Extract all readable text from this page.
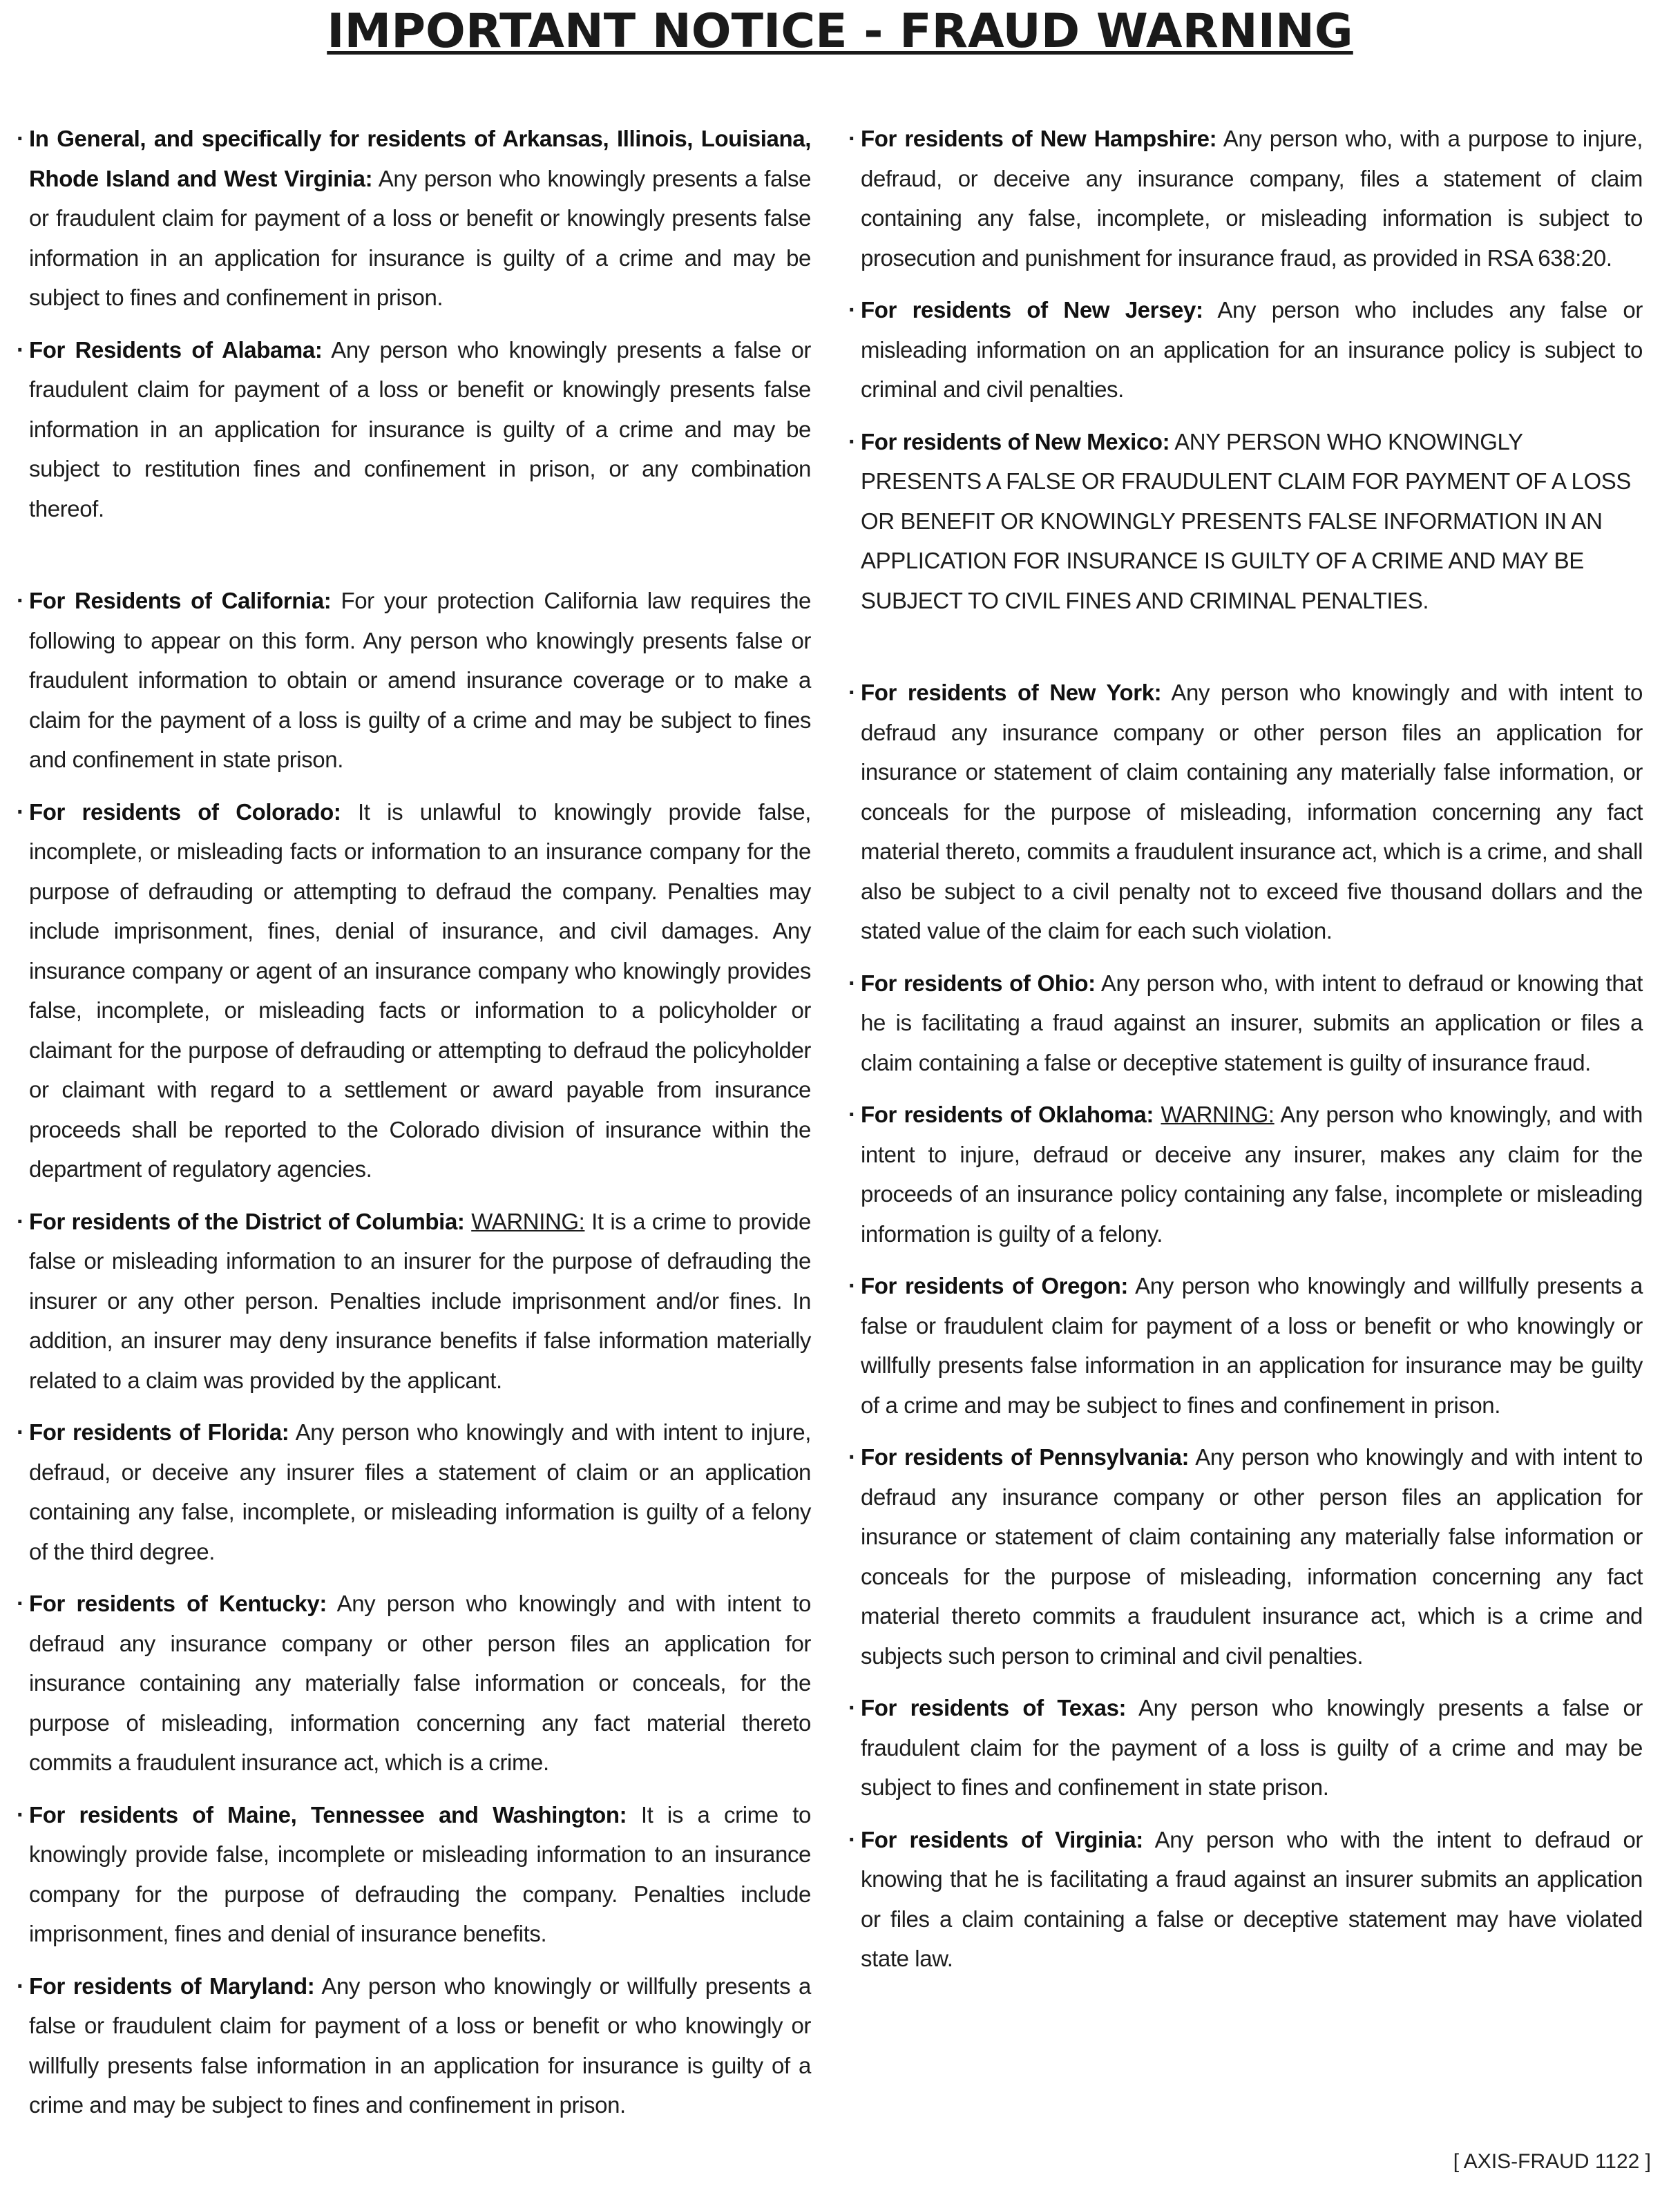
IMPORTANT NOTICE - FRAUD WARNING
· In General, and specifically for residents of Arkansas, Illinois, Louisiana, Rhode Island and West Virginia: Any person who knowingly presents a false or fraudulent claim for payment of a loss or benefit or knowingly presents false information in an application for insurance is guilty of a crime and may be subject to fines and confinement in prison.

· For Residents of Alabama: Any person who knowingly presents a false or fraudulent claim for payment of a loss or benefit or knowingly presents false information in an application for insurance is guilty of a crime and may be subject to restitution fines and confinement in prison, or any combination thereof.

· For Residents of California: For your protection California law requires the following to appear on this form. Any person who knowingly presents false or fraudulent information to obtain or amend insurance coverage or to make a claim for the payment of a loss is guilty of a crime and may be subject to fines and confinement in state prison.

· For residents of Colorado: It is unlawful to knowingly provide false, incomplete, or misleading facts or information to an insurance company for the purpose of defrauding or attempting to defraud the company. Penalties may include imprisonment, fines, denial of insurance, and civil damages. Any insurance company or agent of an insurance company who knowingly provides false, incomplete, or misleading facts or information to a policyholder or claimant for the purpose of defrauding or attempting to defraud the policyholder or claimant with regard to a settlement or award payable from insurance proceeds shall be reported to the Colorado division of insurance within the department of regulatory agencies.

· For residents of the District of Columbia: WARNING: It is a crime to provide false or misleading information to an insurer for the purpose of defrauding the insurer or any other person. Penalties include imprisonment and/or fines. In addition, an insurer may deny insurance benefits if false information materially related to a claim was provided by the applicant.

· For residents of Florida: Any person who knowingly and with intent to injure, defraud, or deceive any insurer files a statement of claim or an application containing any false, incomplete, or misleading information is guilty of a felony of the third degree.

· For residents of Kentucky: Any person who knowingly and with intent to defraud any insurance company or other person files an application for insurance containing any materially false information or conceals, for the purpose of misleading, information concerning any fact material thereto commits a fraudulent insurance act, which is a crime.

· For residents of Maine, Tennessee and Washington: It is a crime to knowingly provide false, incomplete or misleading information to an insurance company for the purpose of defrauding the company. Penalties include imprisonment, fines and denial of insurance benefits.

· For residents of Maryland: Any person who knowingly or willfully presents a false or fraudulent claim for payment of a loss or benefit or who knowingly or willfully presents false information in an application for insurance is guilty of a crime and may be subject to fines and confinement in prison.

· For residents of New Hampshire: Any person who, with a purpose to injure, defraud, or deceive any insurance company, files a statement of claim containing any false, incomplete, or misleading information is subject to prosecution and punishment for insurance fraud, as provided in RSA 638:20.

· For residents of New Jersey: Any person who includes any false or misleading information on an application for an insurance policy is subject to criminal and civil penalties.

· For residents of New Mexico: ANY PERSON WHO KNOWINGLY PRESENTS A FALSE OR FRAUDULENT CLAIM FOR PAYMENT OF A LOSS OR BENEFIT OR KNOWINGLY PRESENTS FALSE INFORMATION IN AN APPLICATION FOR INSURANCE IS GUILTY OF A CRIME AND MAY BE SUBJECT TO CIVIL FINES AND CRIMINAL PENALTIES.

· For residents of New York: Any person who knowingly and with intent to defraud any insurance company or other person files an application for insurance or statement of claim containing any materially false information, or conceals for the purpose of misleading, information concerning any fact material thereto, commits a fraudulent insurance act, which is a crime, and shall also be subject to a civil penalty not to exceed five thousand dollars and the stated value of the claim for each such violation.

· For residents of Ohio: Any person who, with intent to defraud or knowing that he is facilitating a fraud against an insurer, submits an application or files a claim containing a false or deceptive statement is guilty of insurance fraud.

· For residents of Oklahoma: WARNING: Any person who knowingly, and with intent to injure, defraud or deceive any insurer, makes any claim for the proceeds of an insurance policy containing any false, incomplete or misleading information is guilty of a felony.

· For residents of Oregon: Any person who knowingly and willfully presents a false or fraudulent claim for payment of a loss or benefit or who knowingly or willfully presents false information in an application for insurance may be guilty of a crime and may be subject to fines and confinement in prison.

· For residents of Pennsylvania: Any person who knowingly and with intent to defraud any insurance company or other person files an application for insurance or statement of claim containing any materially false information or conceals for the purpose of misleading, information concerning any fact material thereto commits a fraudulent insurance act, which is a crime and subjects such person to criminal and civil penalties.

· For residents of Texas: Any person who knowingly presents a false or fraudulent claim for the payment of a loss is guilty of a crime and may be subject to fines and confinement in state prison.

· For residents of Virginia: Any person who with the intent to defraud or knowing that he is facilitating a fraud against an insurer submits an application or files a claim containing a false or deceptive statement may have violated state law.

[ AXIS-FRAUD 1122 ]
